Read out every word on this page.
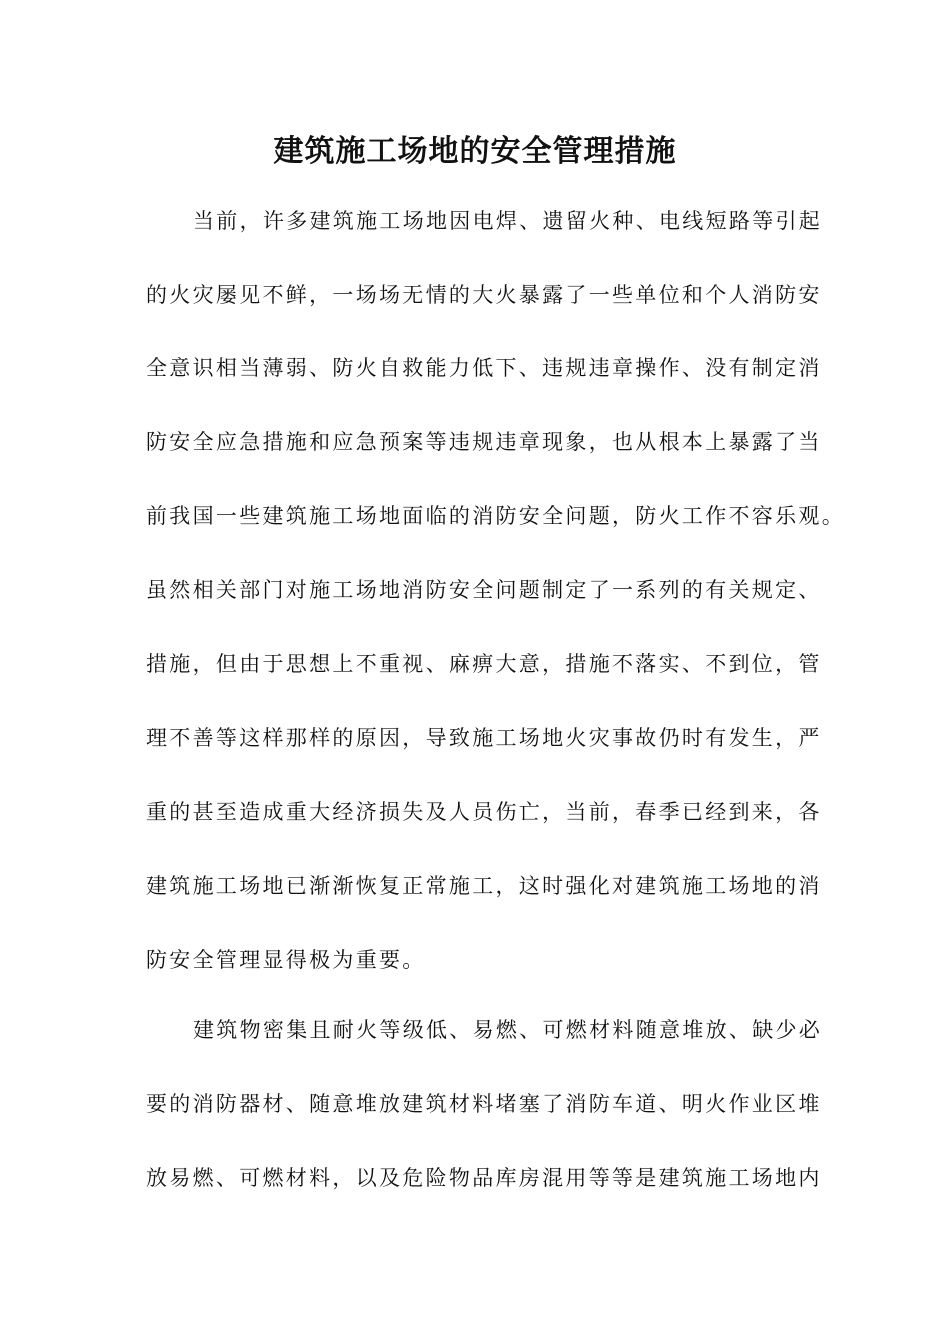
建筑施工场地的安全管理措施
当前，许多建筑施工场地因电焊、遗留火种、电线短路等引起
的火灾屡见不鲜，一场场无情的大火暴露了一些单位和个人消防安
全意识相当薄弱、防火自救能力低下、违规违章操作、没有制定消
防安全应急措施和应急预案等违规违章现象，也从根本上暴露了当
前我国一些建筑施工场地面临的消防安全问题，防火工作不容乐观。
虽然相关部门对施工场地消防安全问题制定了一系列的有关规定、
措施，但由于思想上不重视、麻痹大意，措施不落实、不到位，管
理不善等这样那样的原因，导致施工场地火灾事故仍时有发生，严
重的甚至造成重大经济损失及人员伤亡，当前，春季已经到来，各
建筑施工场地已渐渐恢复正常施工，这时强化对建筑施工场地的消
防安全管理显得极为重要。
建筑物密集且耐火等级低、易燃、可燃材料随意堆放、缺少必
要的消防器材、随意堆放建筑材料堵塞了消防车道、明火作业区堆
放易燃、可燃材料，以及危险物品库房混用等等是建筑施工场地内
